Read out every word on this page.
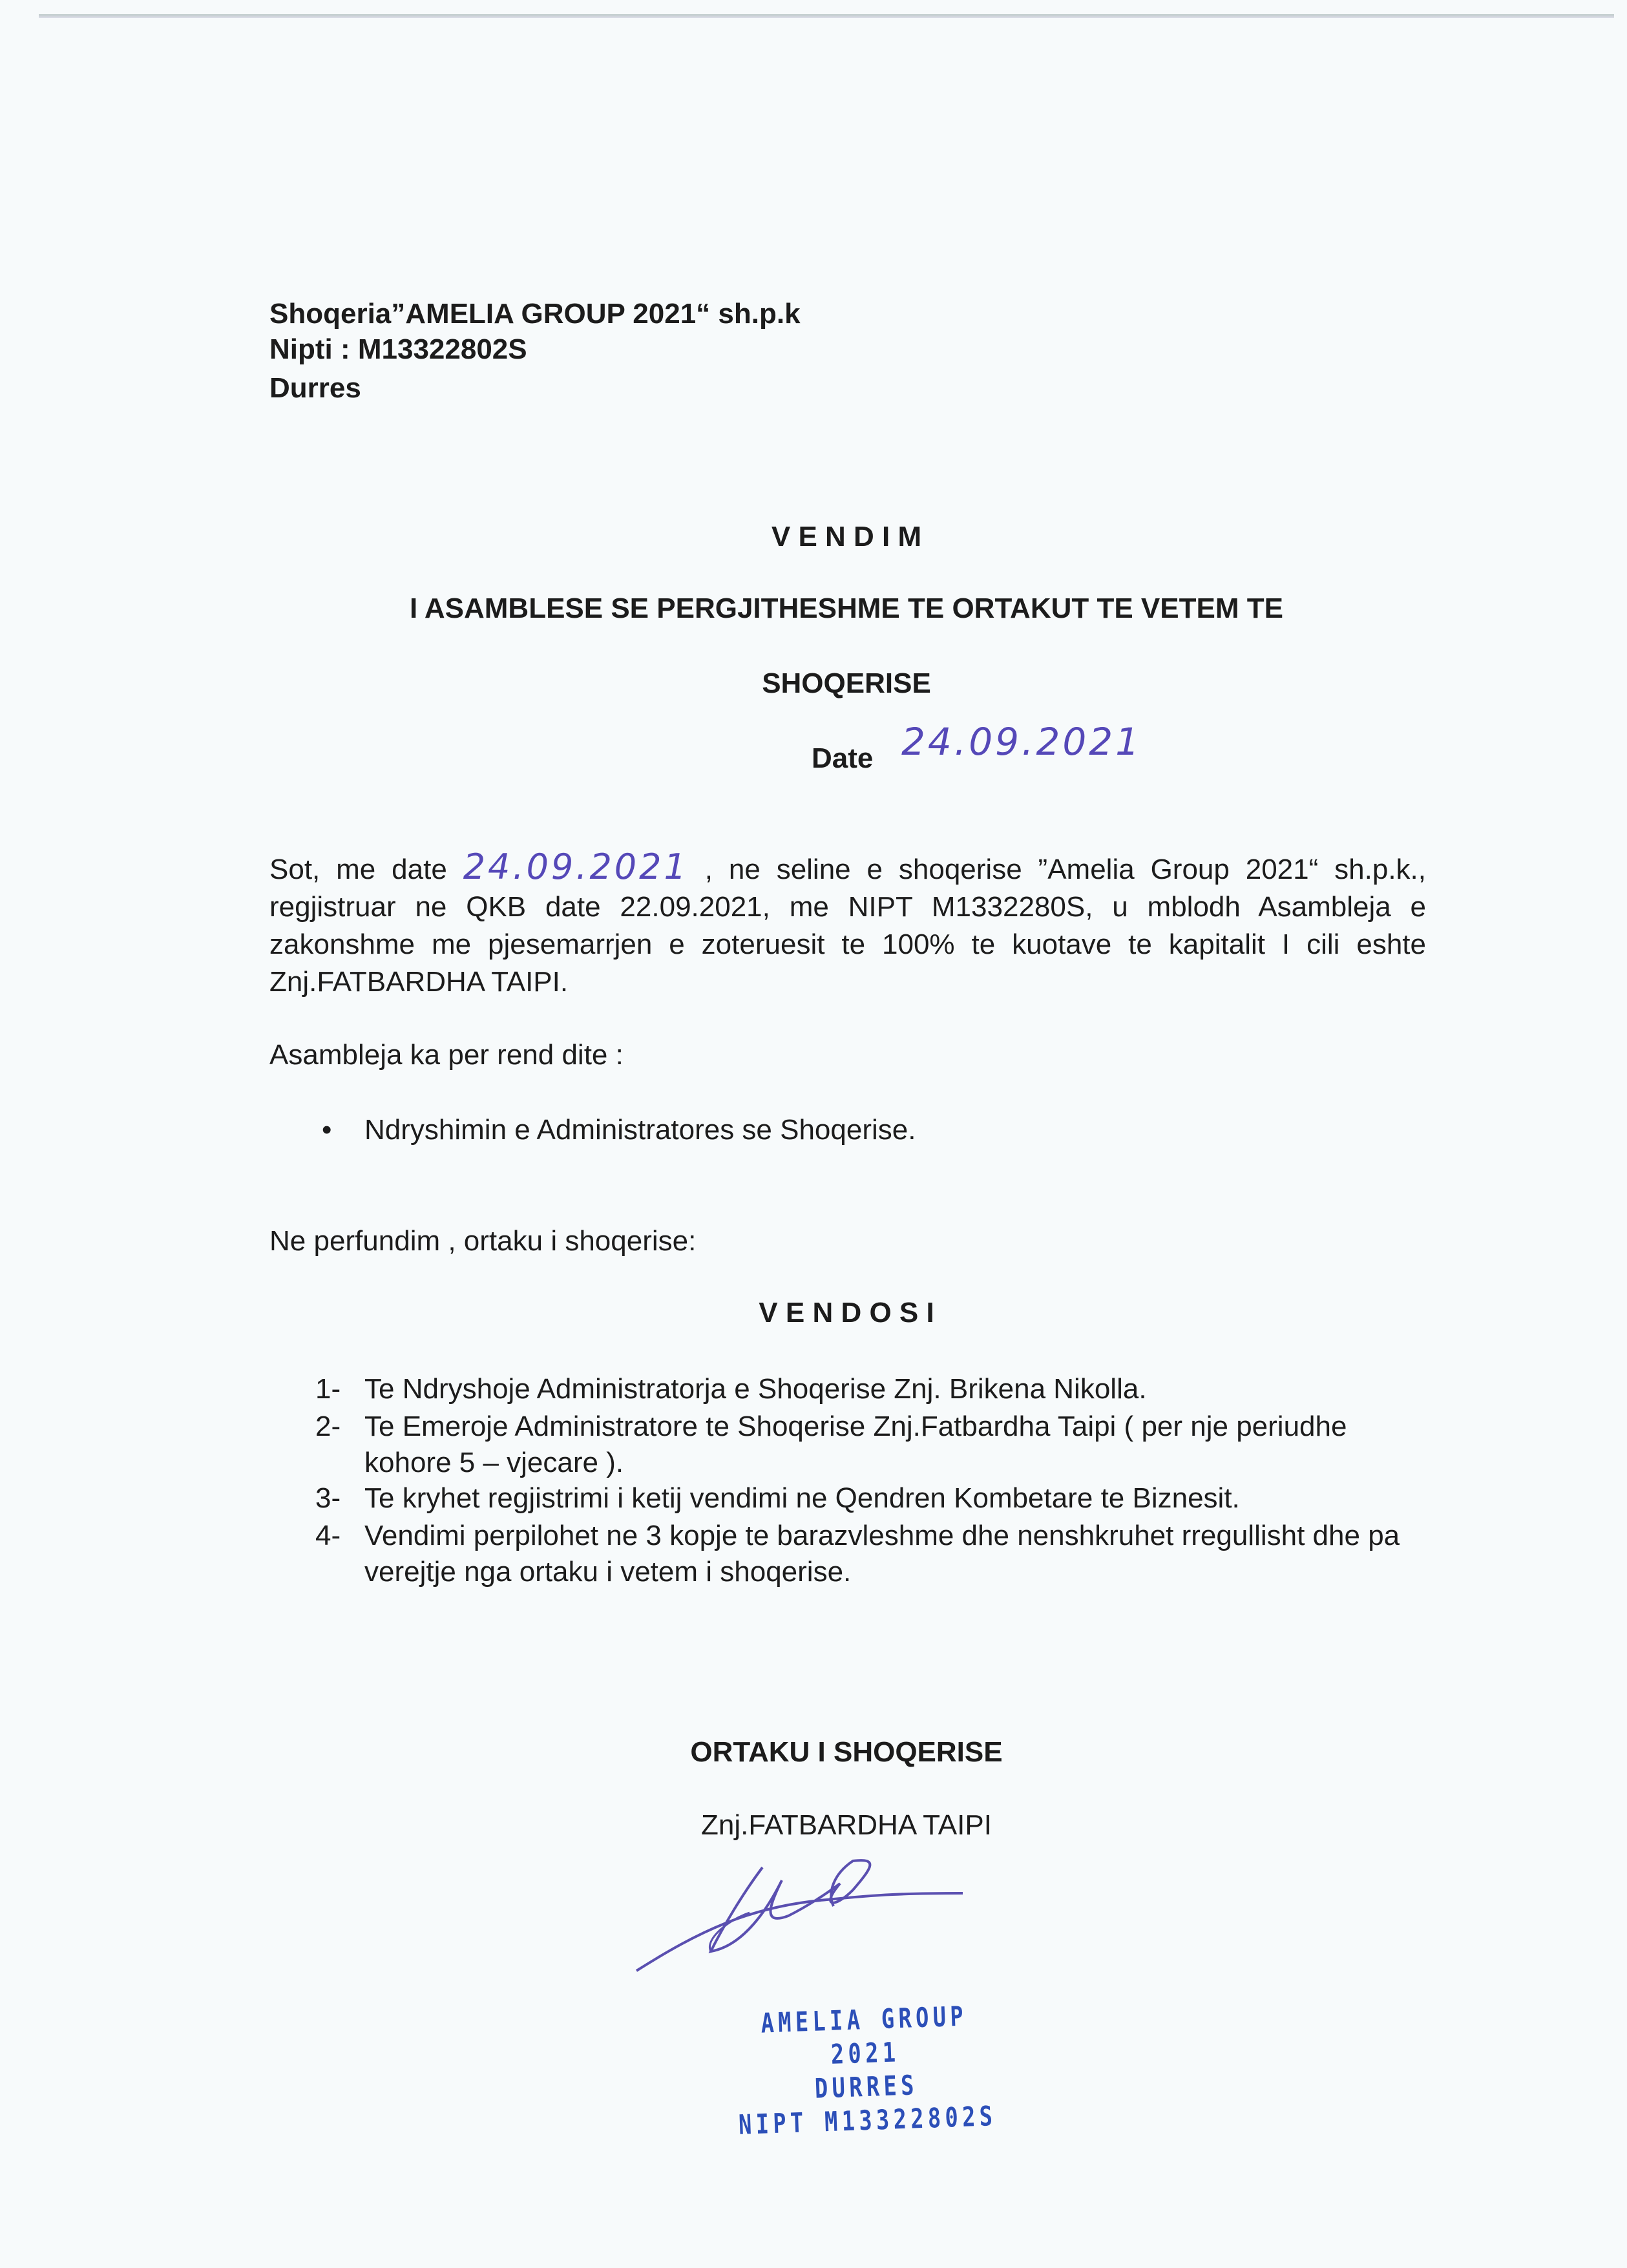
Shoqeria”AMELIA GROUP 2021“ sh.p.k
Nipti : M13322802S
Durres
V E N D I M
I ASAMBLESE SE PERGJITHESHME TE ORTAKUT TE VETEM TE
SHOQERISE
Date 24.09.2021
Sot, me date 24.09.2021 , ne seline e shoqerise ”Amelia Group 2021“ sh.p.k., regjistruar ne QKB date 22.09.2021, me NIPT M1332280S, u mblodh Asambleja e zakonshme me pjesemarrjen e zoteruesit te 100% te kuotave te kapitalit I cili eshte Znj.FATBARDHA TAIPI.
Asambleja ka per rend dite :
• Ndryshimin e Administratores se Shoqerise.
Ne perfundim , ortaku i shoqerise:
V E N D O S I
1- Te Ndryshoje Administratorja e Shoqerise Znj. Brikena Nikolla.
2- Te Emeroje Administratore te Shoqerise Znj.Fatbardha Taipi ( per nje periudhe kohore 5 – vjecare ).
3- Te kryhet regjistrimi i ketij vendimi ne Qendren Kombetare te Biznesit.
4- Vendimi perpilohet ne 3 kopje te barazvleshme dhe nenshkruhet rregullisht dhe pa verejtje nga ortaku i vetem i shoqerise.
ORTAKU I SHOQERISE
Znj.FATBARDHA TAIPI
AMELIA GROUP 2021
DURRES
NIPT M13322802S
